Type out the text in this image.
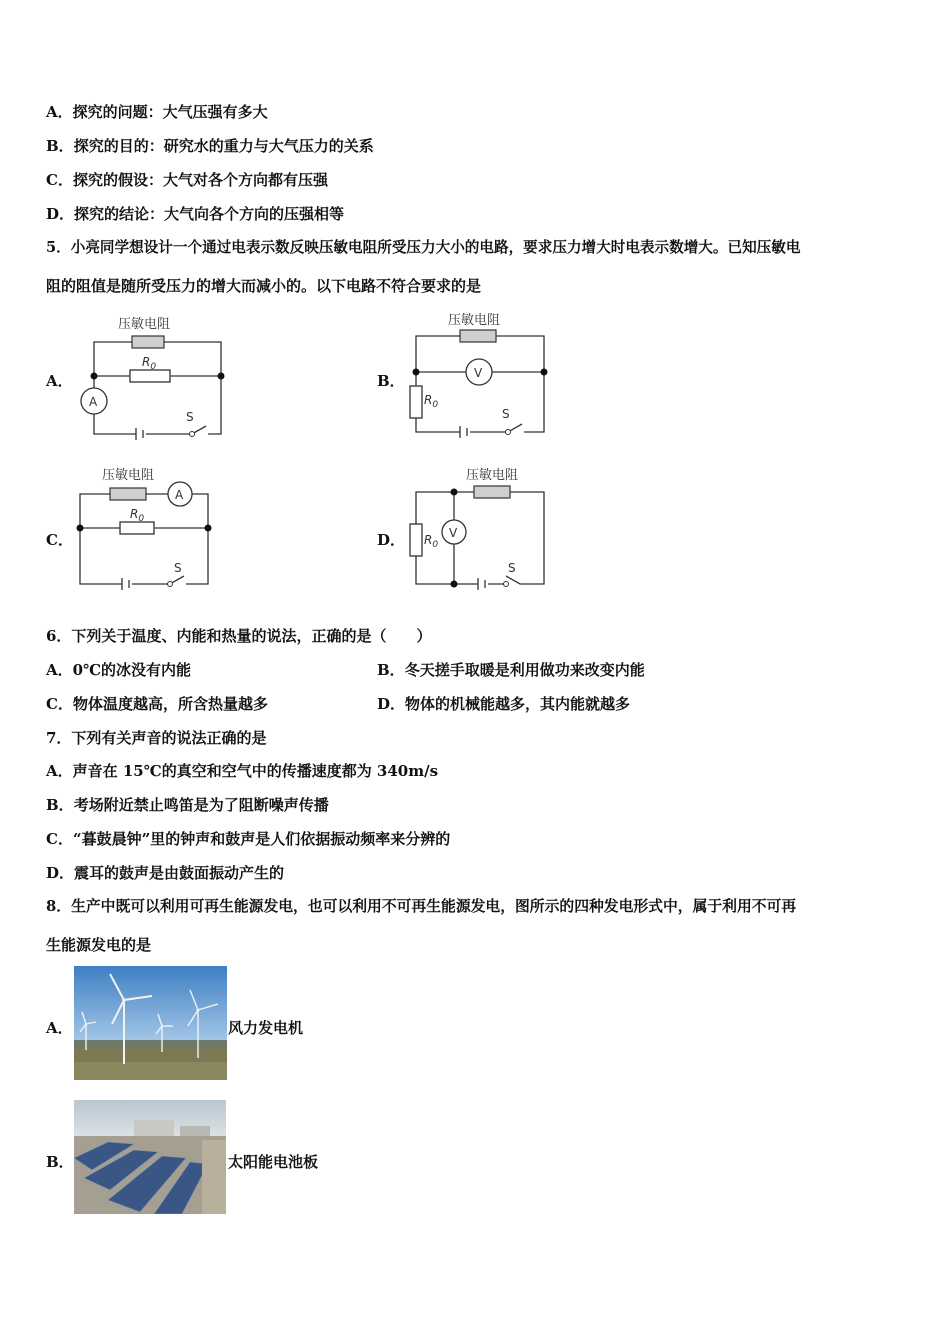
A．探究的问题：大气压强有多大
B．探究的目的：研究水的重力与大气压力的关系
C．探究的假设：大气对各个方向都有压强
D．探究的结论：大气向各个方向的压强相等
5．小亮同学想设计一个通过电表示数反映压敏电阻所受压力大小的电路，要求压力增大时电表示数增大。已知压敏电
阻的阻值是随所受压力的增大而减小的。以下电路不符合要求的是
A．	B．
C．	D．
压敏电阻
$R_0$
A
S
压敏电阻
$R_0$
V
S
压敏电阻
$R_0$
A
S
压敏电阻
$R_0$
V
S
6．下列关于温度、内能和热量的说法，正确的是（　　）
A．0℃的冰没有内能	B．冬天搓手取暖是利用做功来改变内能
C．物体温度越高，所含热量越多	D．物体的机械能越多，其内能就越多
7．下列有关声音的说法正确的是
A．声音在 15℃的真空和空气中的传播速度都为 340m/s
B．考场附近禁止鸣笛是为了阻断噪声传播
C．“暮鼓晨钟”里的钟声和鼓声是人们依据振动频率来分辨的
D．震耳的鼓声是由鼓面振动产生的
8．生产中既可以利用可再生能源发电，也可以利用不可再生能源发电，图所示的四种发电形式中，属于利用不可再
生能源发电的是
A．	风力发电机
B．	太阳能电池板
